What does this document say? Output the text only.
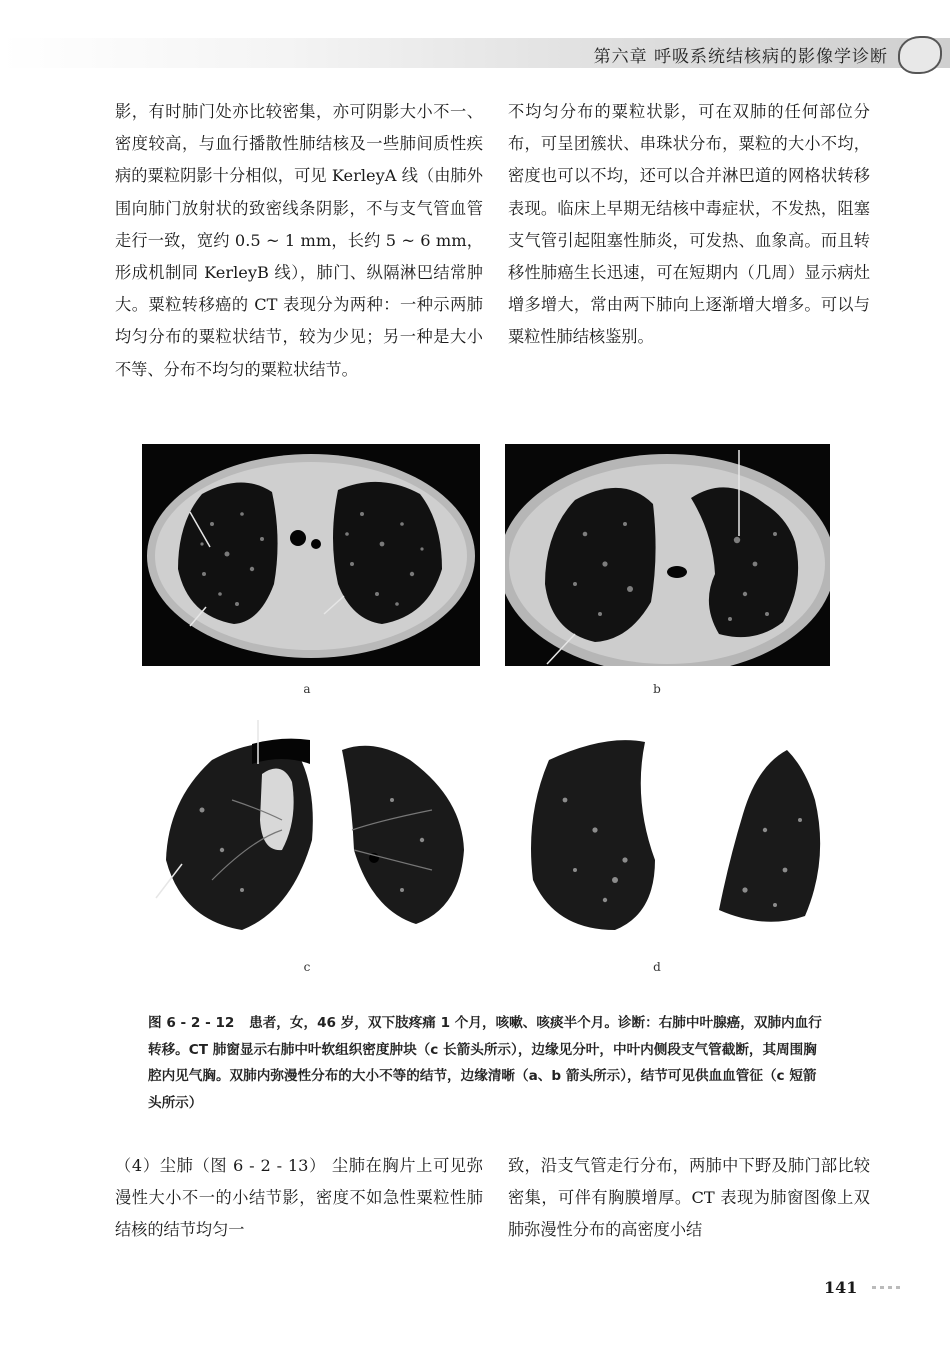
第六章 呼吸系统结核病的影像学诊断

影，有时肺门处亦比较密集，亦可阴影大小不一、密度较高，与血行播散性肺结核及一些肺间质性疾病的粟粒阴影十分相似，可见 KerleyA 线（由肺外围向肺门放射状的致密线条阴影，不与支气管血管走行一致，宽约 0.5 ~ 1 mm，长约 5 ~ 6 mm，形成机制同 KerleyB 线），肺门、纵隔淋巴结常肿大。粟粒转移癌的 CT 表现分为两种：一种示两肺均匀分布的粟粒状结节，较为少见；另一种是大小不等、分布不均匀的粟粒状结节。

不均匀分布的粟粒状影，可在双肺的任何部位分布，可呈团簇状、串珠状分布，粟粒的大小不均，密度也可以不均，还可以合并淋巴道的网格状转移表现。临床上早期无结核中毒症状，不发热，阻塞支气管引起阻塞性肺炎，可发热、血象高。而且转移性肺癌生长迅速，可在短期内（几周）显示病灶增多增大，常由两下肺向上逐渐增大增多。可以与粟粒性肺结核鉴别。

a	b
c	d
图 6 - 2 - 12 患者，女，46 岁，双下肢疼痛 1 个月，咳嗽、咳痰半个月。诊断：右肺中叶腺癌，双肺内血行转移。CT 肺窗显示右肺中叶软组织密度肿块（c 长箭头所示），边缘见分叶，中叶内侧段支气管截断，其周围胸腔内见气胸。双肺内弥漫性分布的大小不等的结节，边缘清晰（a、b 箭头所示），结节可见供血血管征（c 短箭头所示）

（4）尘肺（图 6 - 2 - 13） 尘肺在胸片上可见弥漫性大小不一的小结节影，密度不如急性粟粒性肺结核的结节均匀一

致，沿支气管走行分布，两肺中下野及肺门部比较密集，可伴有胸膜增厚。CT 表现为肺窗图像上双肺弥漫性分布的高密度小结

141
